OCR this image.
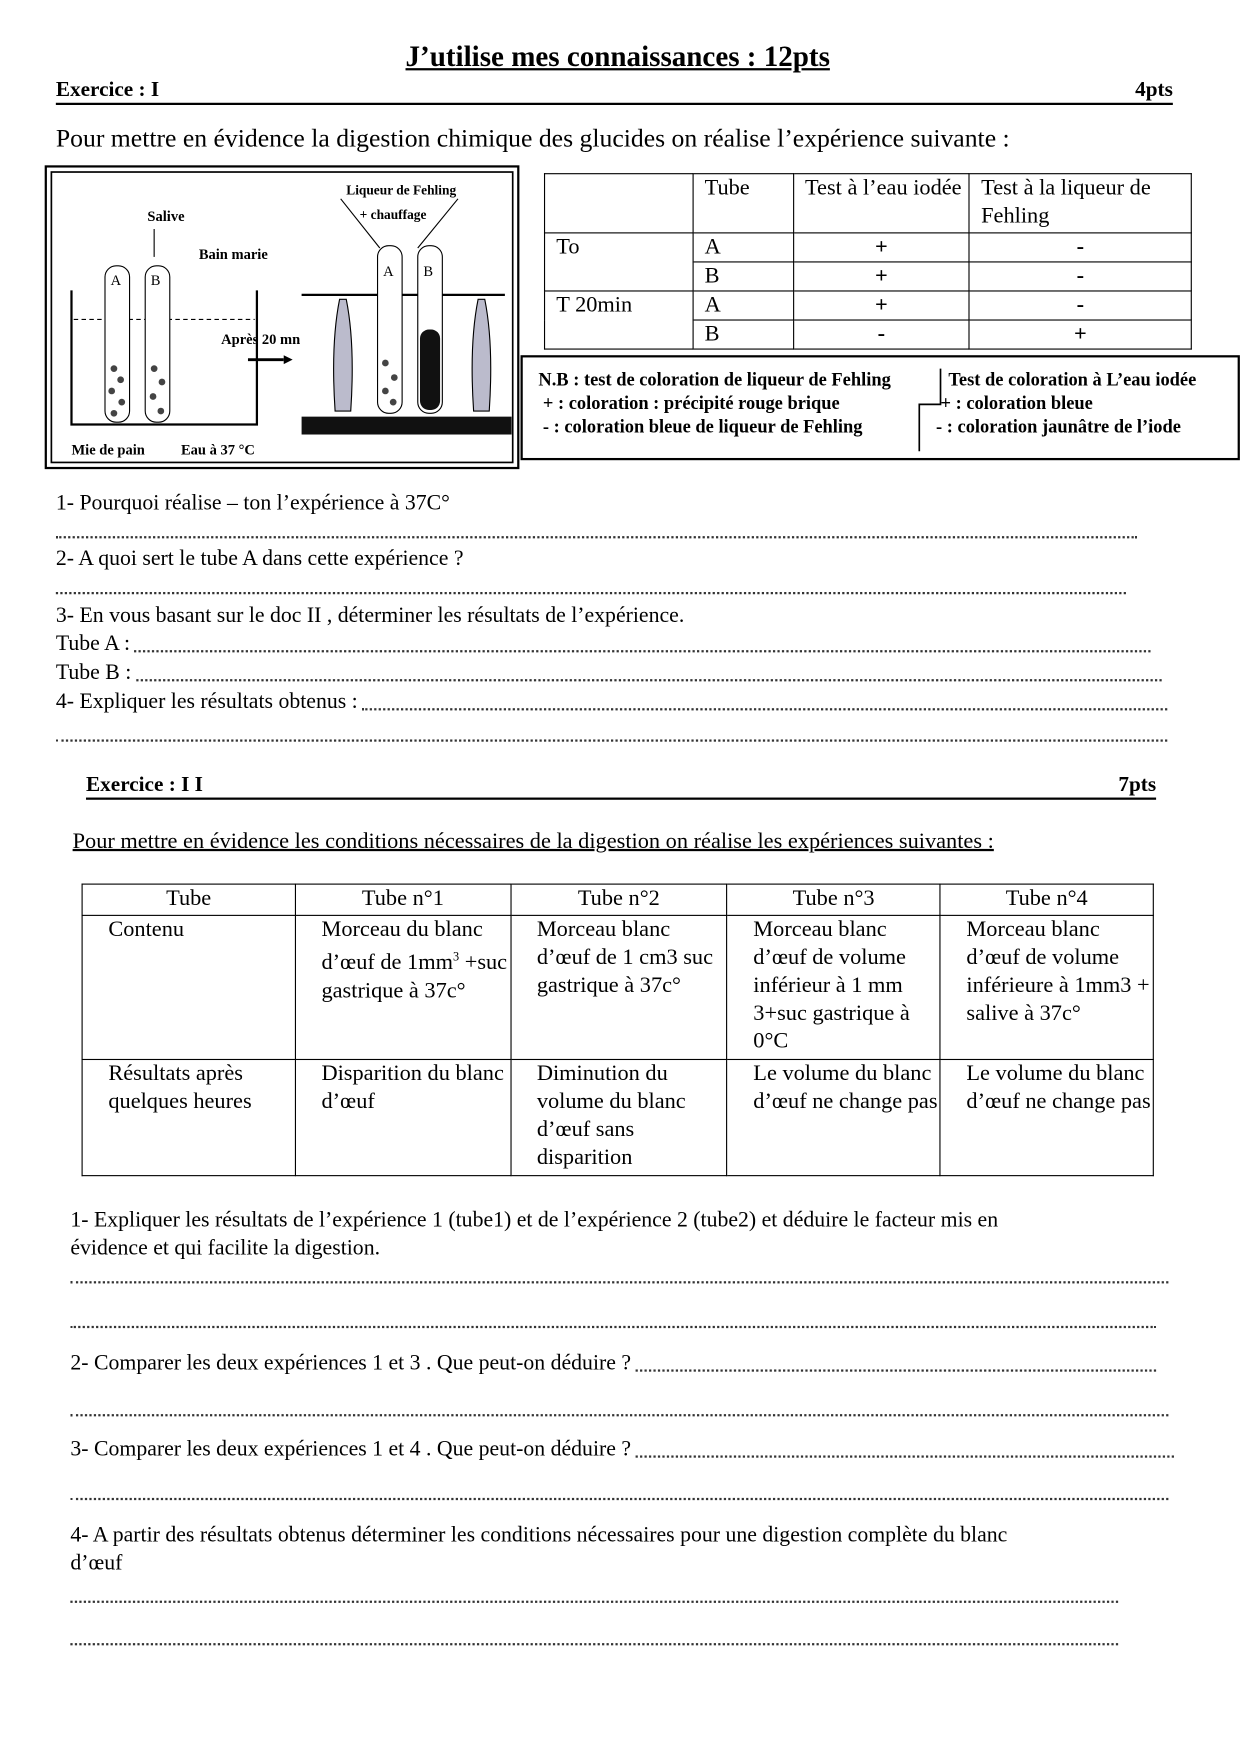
J’utilise mes connaissances : 12pts
Exercice : I	4pts
Pour mettre en évidence la digestion chimique des glucides on réalise l’expérience suivante :
A B
Salive
Bain marie
Après 20 mn
Mie de pain	Eau à 37 °C
Liqueur de Fehling
+ chauffage
A B
	Tube	Test à l’eau iodée	Test à la liqueur de Fehling
To	A	+	-
	B	+	-
T 20min	A	+	-
	B	-	+
N.B : test de coloration de liqueur de Fehling
+ : coloration : précipité rouge brique
- : coloration bleue de liqueur de Fehling
Test de coloration à L’eau iodée
+ : coloration bleue
- : coloration jaunâtre de l’iode
1- Pourquoi réalise – ton l’expérience à 37C°
2- A quoi sert le tube A dans cette expérience ?
3- En vous basant sur le doc II , déterminer les résultats de l’expérience.
Tube A :
Tube B :
4- Expliquer les résultats obtenus :
Exercice : I I	7pts
Pour mettre en évidence les conditions nécessaires de la digestion on réalise les expériences suivantes :
Tube	Tube n°1	Tube n°2	Tube n°3	Tube n°4
Contenu	Morceau du blanc d’œuf de $1mm^3 +suc$ gastrique à 37c°	Morceau blanc d’œuf de 1 cm3 suc gastrique à 37c°	Morceau blanc d’œuf de volume inférieur à 1 mm 3+suc gastrique à 0°C	Morceau blanc d’œuf de volume inférieure à 1mm3 + salive à 37c°
Résultats après quelques heures	Disparition du blanc d’œuf	Diminution du volume du blanc d’œuf sans disparition	Le volume du blanc d’œuf ne change pas	Le volume du blanc d’œuf ne change pas
1- Expliquer les résultats de l’expérience 1 (tube1) et de l’expérience 2 (tube2) et déduire le facteur mis en
évidence et qui facilite la digestion.
2- Comparer les deux expériences 1 et 3 . Que peut-on déduire ?
3- Comparer les deux expériences 1 et 4 . Que peut-on déduire ?
4- A partir des résultats obtenus déterminer les conditions nécessaires pour une digestion complète du blanc
d’œuf
